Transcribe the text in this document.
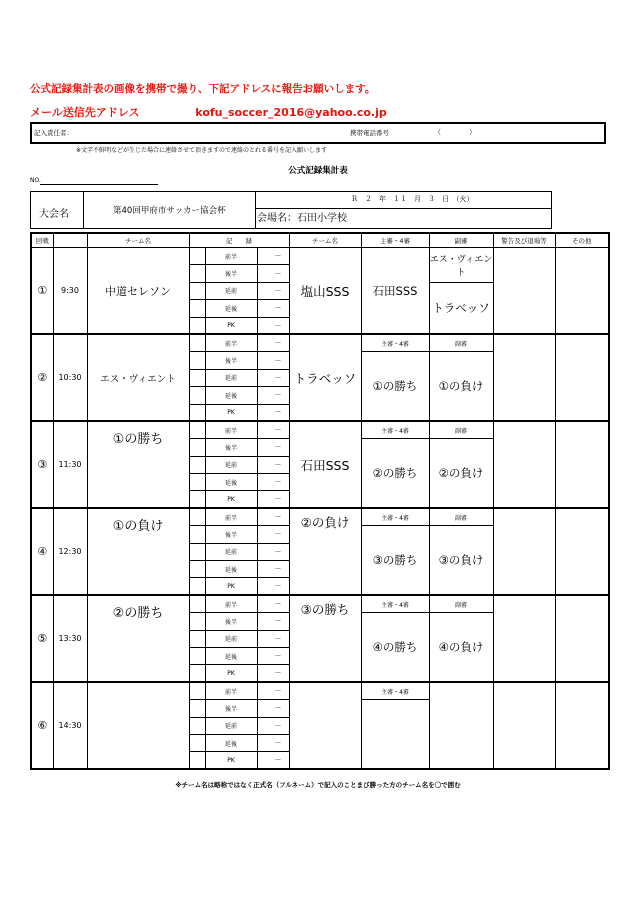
公式記録集計表の画像を携帯で撮り、下記アドレスに報告お願いします。
メール送信先アドレス	kofu_soccer_2016@yahoo.co.jp
記入責任者：	携帯電話番号	（　　　　）
※文字不鮮明などが生じた場合に連絡させて頂きますので連絡のとれる番号を記入願いします
公式記録集計表
NO.
大会名	第40回甲府市サッカー協会杯
Ｒ　２　年　１１　月　３　日　（火）
会場名：石田小学校
回戦		チーム名	記　　録			チーム名	主審・4審	副審	警告及び退場等	その他
①	9:30	中道セレソン		前半	－	塩山SSS	石田SSS	エス・ヴィエント		
				後半	－					
				延前	－			トラベッソ		
				延後	－					
				PK	－					
②	10:30	エス・ヴィエント		前半	－	トラベッソ	主審・4審	副審		
				後半	－		①の勝ち	①の負け		
				延前	－					
				延後	－					
				PK	－					
③	11:30	①の勝ち		前半	－	石田SSS	主審・4審	副審		
				後半	－		②の勝ち	②の負け		
				延前	－					
				延後	－					
				PK	－					
④	12:30	①の負け		前半	－	②の負け	主審・4審	副審		
				後半	－		③の勝ち	③の負け		
				延前	－					
				延後	－					
				PK	－					
⑤	13:30	②の勝ち		前半	－	③の勝ち	主審・4審	副審		
				後半	－		④の勝ち	④の負け		
				延前	－					
				延後	－					
				PK	－					
⑥	14:30			前半	－		主審・4審			
				後半	－					
				延前	－					
				延後	－					
				PK	－					
※チーム名は略称ではなく正式名（フルネーム）で記入のことまび勝った方のチーム名を〇で囲む
